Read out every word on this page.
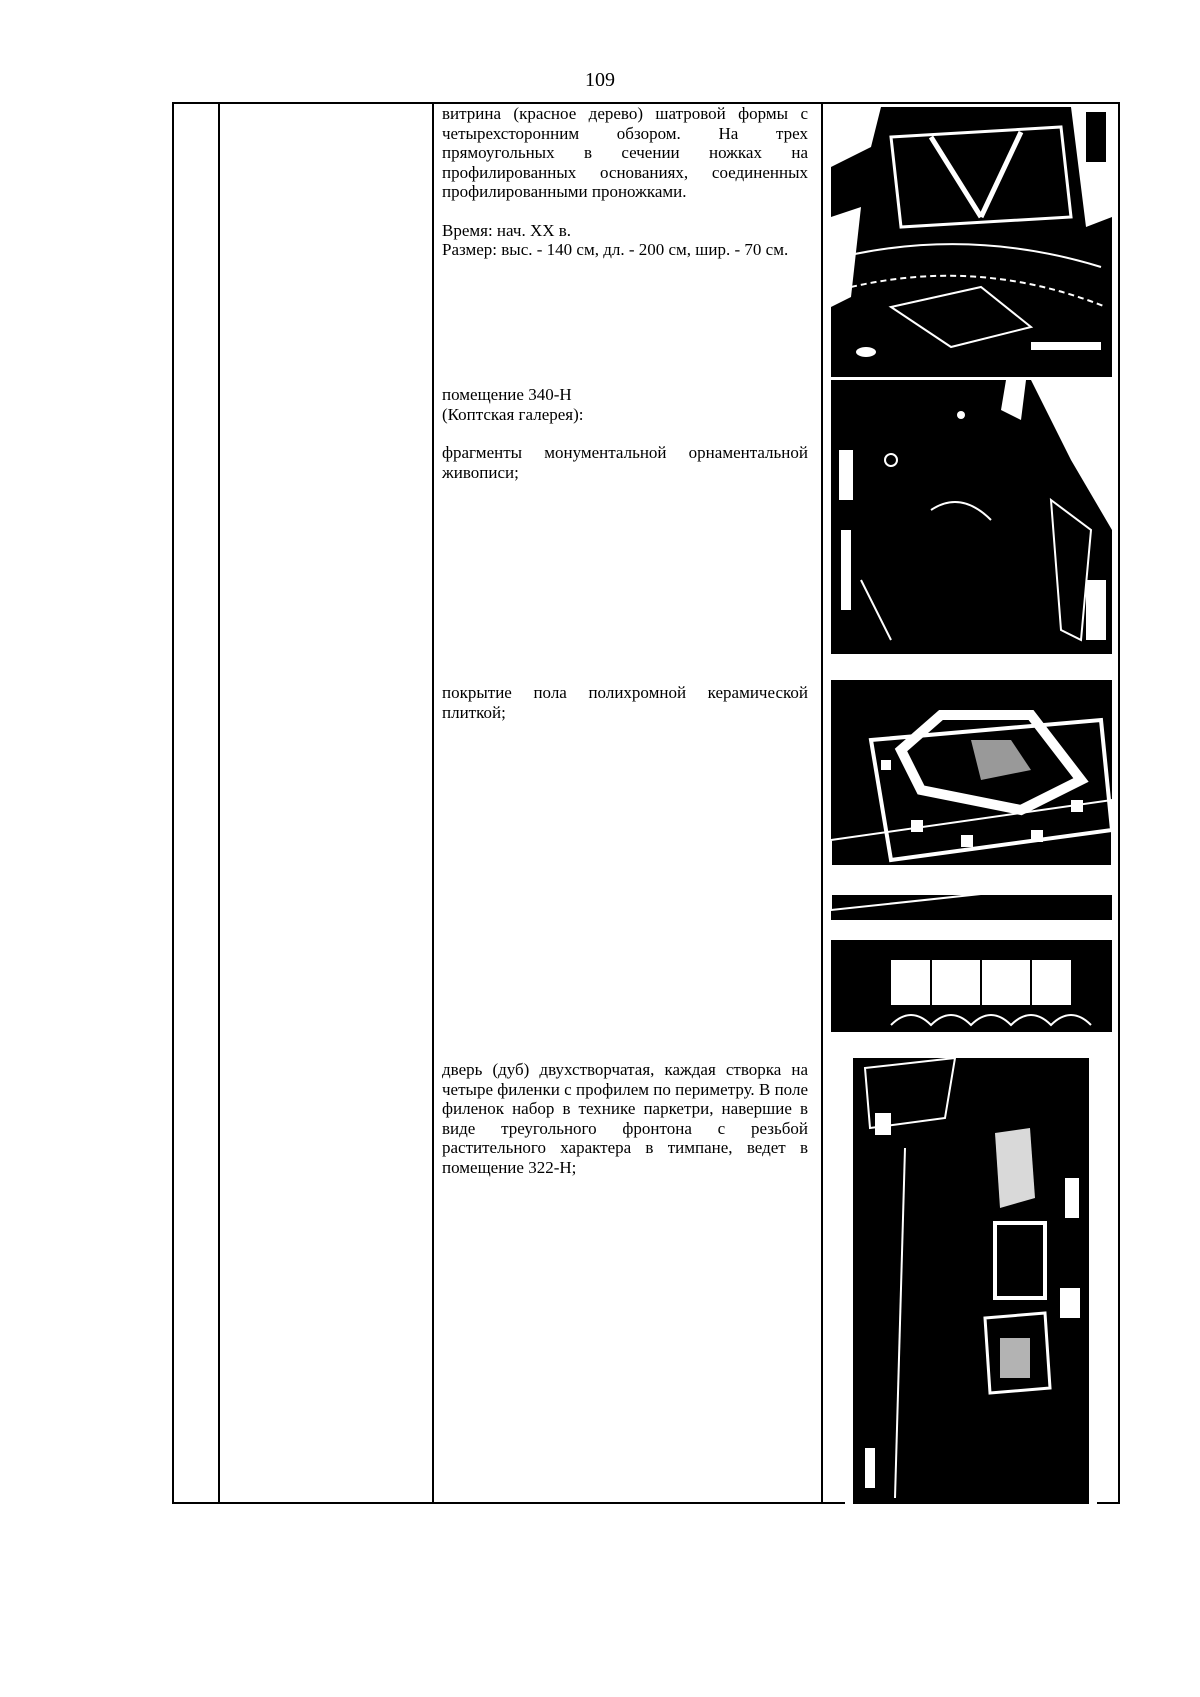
109

витрина (красное дерево) шатровой формы с четырехсторонним обзором. На трех прямоугольных в сечении ножках на профилированных основаниях, соединенных профилированными проножками.

Время: нач. XX в.

Размер: выс. - 140 см, дл. - 200 см, шир. - 70 см.

помещение 340-Н

(Коптская галерея):

фрагменты монументальной орнаментальной живописи;

покрытие пола полихромной керамической плиткой;

дверь (дуб) двухстворчатая, каждая створка на четыре филенки с профилем по периметру. В поле филенок набор в технике паркетри, навершие в виде треугольного фронтона с резьбой растительного характера в тимпане, ведет в помещение 322-Н;
